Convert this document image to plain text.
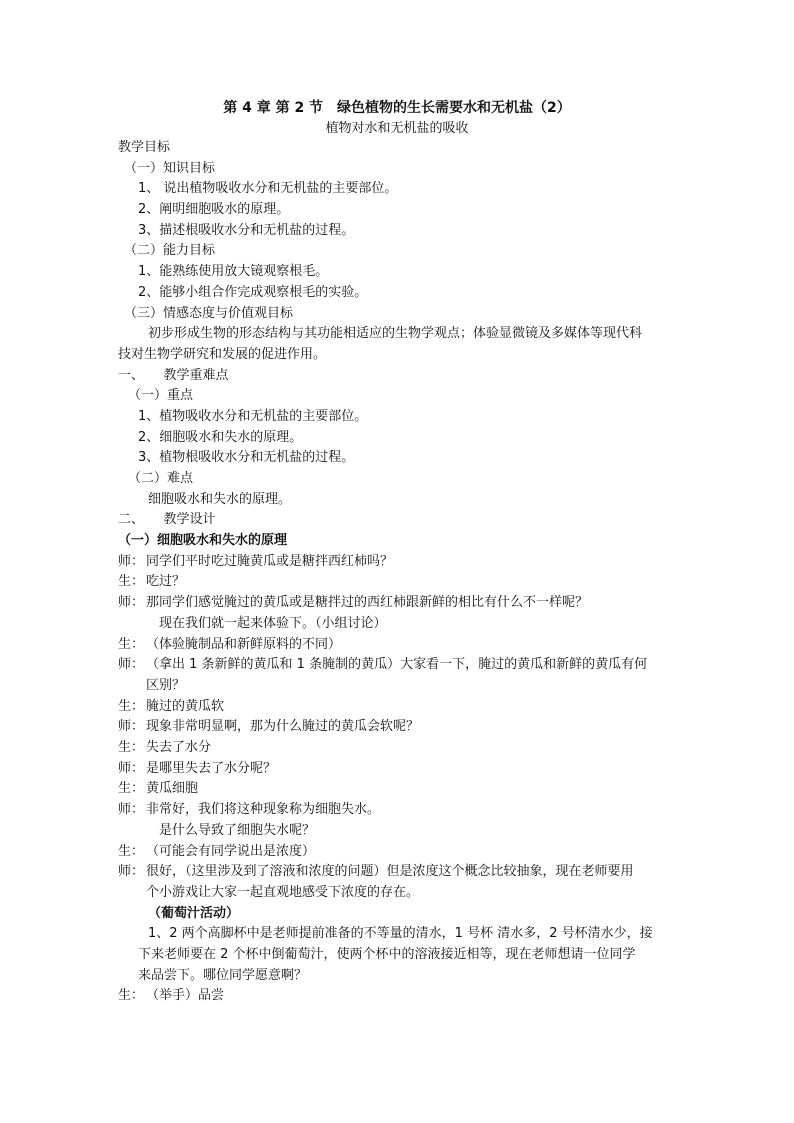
第 4 章 第 2 节　绿色植物的生长需要水和无机盐（2）
植物对水和无机盐的吸收
教学目标
（一）知识目标
1、 说出植物吸收水分和无机盐的主要部位。
2、阐明细胞吸水的原理。
3、描述根吸收水分和无机盐的过程。
（二）能力目标
1、能熟练使用放大镜观察根毛。
2、能够小组合作完成观察根毛的实验。
（三）情感态度与价值观目标
初步形成生物的形态结构与其功能相适应的生物学观点；体验显微镜及多媒体等现代科
技对生物学研究和发展的促进作用。
一、　　教学重难点
（一）重点
1、植物吸收水分和无机盐的主要部位。
2、细胞吸水和失水的原理。
3、植物根吸收水分和无机盐的过程。
（二）难点
细胞吸水和失水的原理。
二、　　教学设计
（一）细胞吸水和失水的原理
师： 同学们平时吃过腌黄瓜或是糖拌西红柿吗？
生： 吃过？
师： 那同学们感觉腌过的黄瓜或是糖拌过的西红柿跟新鲜的相比有什么不一样呢？
　现在我们就一起来体验下。（小组讨论）
生： （体验腌制品和新鲜原料的不同）
师： （拿出 1 条新鲜的黄瓜和 1 条腌制的黄瓜）大家看一下，腌过的黄瓜和新鲜的黄瓜有何
区别？
生： 腌过的黄瓜软
师： 现象非常明显啊，那为什么腌过的黄瓜会软呢？
生： 失去了水分
师： 是哪里失去了水分呢？
生： 黄瓜细胞
师： 非常好，我们将这种现象称为细胞失水。
　是什么导致了细胞失水呢？
生： （可能会有同学说出是浓度）
师： 很好，（这里涉及到了溶液和浓度的问题）但是浓度这个概念比较抽象，现在老师要用
个小游戏让大家一起直观地感受下浓度的存在。
（葡萄汁活动）
1、2 两个高脚杯中是老师提前准备的不等量的清水，1 号杯 清水多，2 号杯清水少，接
下来老师要在 2 个杯中倒葡萄汁，使两个杯中的溶液接近相等，现在老师想请一位同学
来品尝下。哪位同学愿意啊？
生： （举手）品尝
